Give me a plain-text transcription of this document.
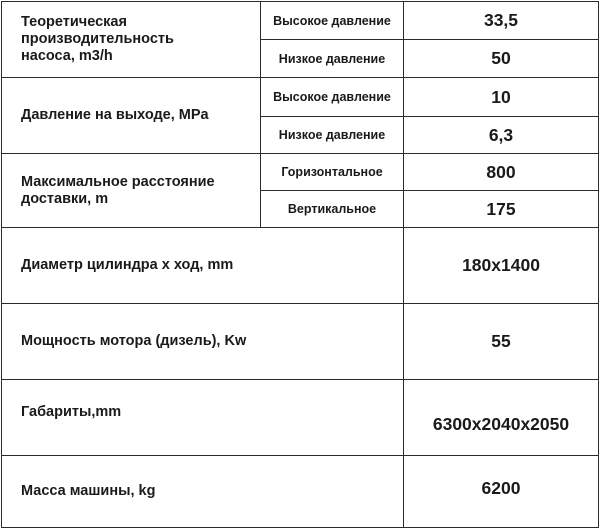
Теоретическая
производительность
насоса, m3/h	Высокое давление	33,5
	Низкое давление	50

Давление на выходе, MPa	Высокое давление	10
	Низкое давление	6,3

Максимальное расстояние
доставки, m	Горизонтальное	800
	Вертикальное	175
Диаметр цилиндра х ход, mm		180x1400
Мощность мотора (дизель), Kw		55
Габариты,mm		6300x2040x2050
Масса машины, kg		6200
